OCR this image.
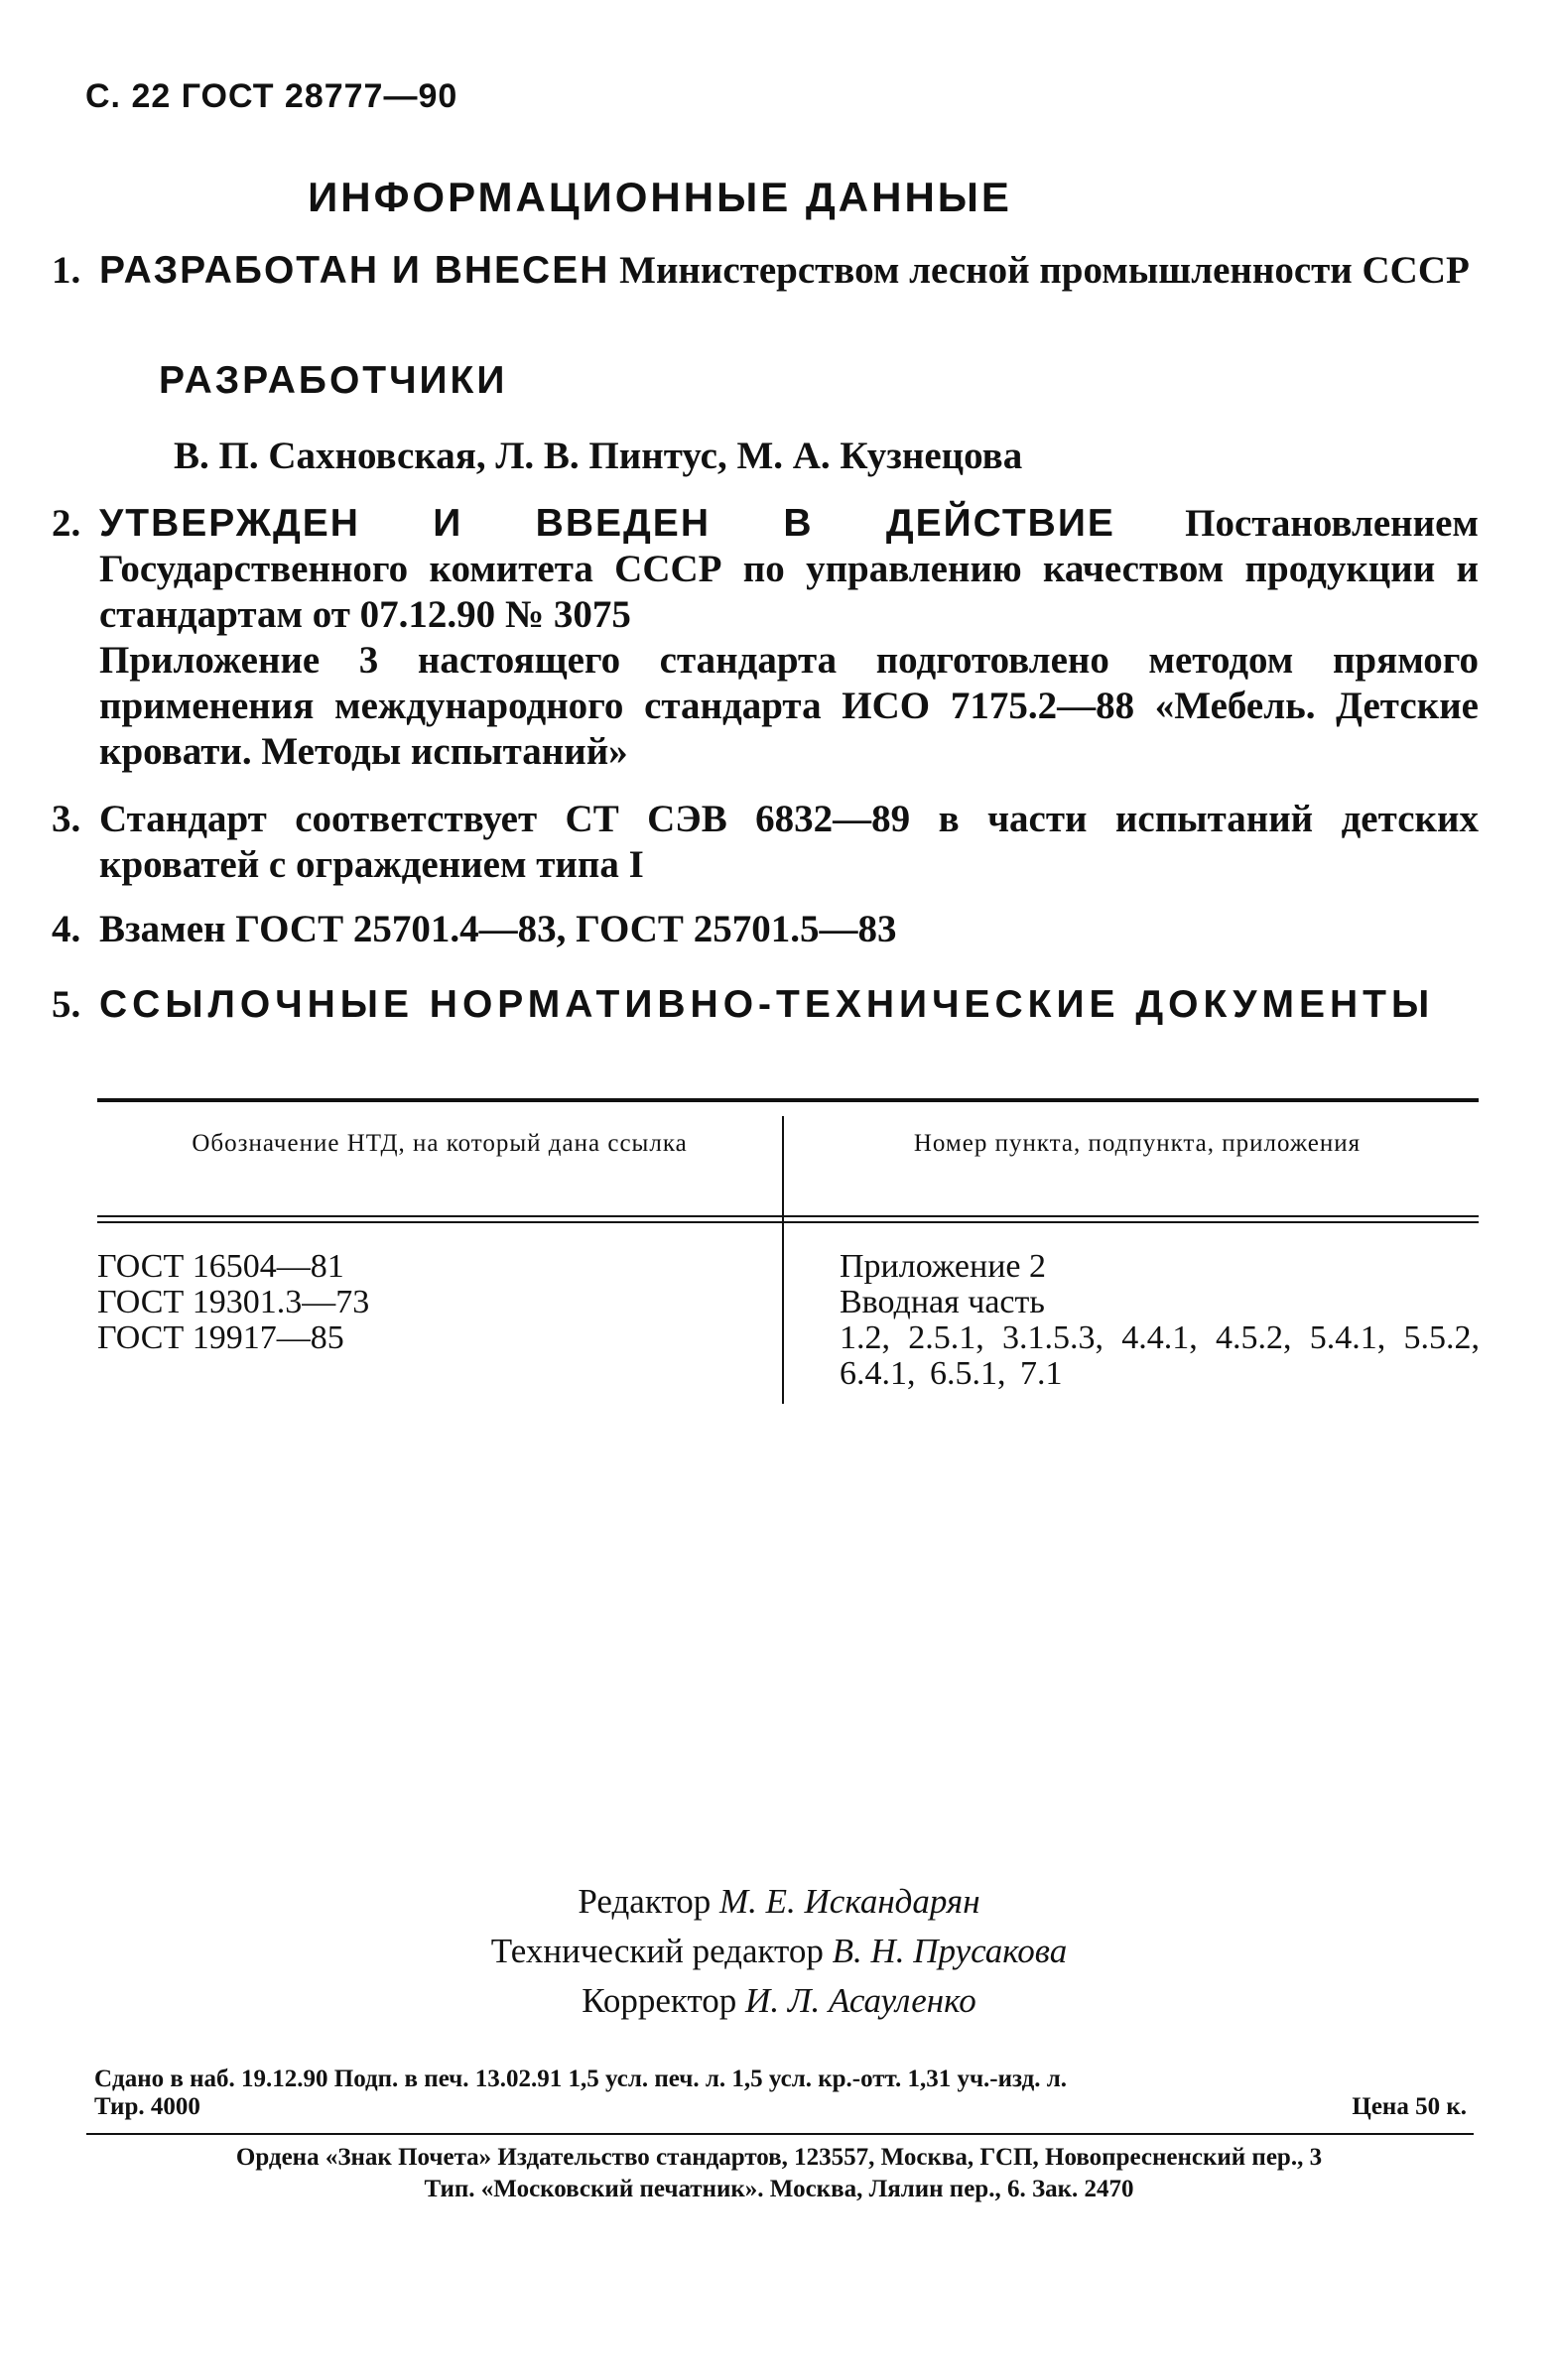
С. 22 ГОСТ 28777—90
ИНФОРМАЦИОННЫЕ ДАННЫЕ
1. РАЗРАБОТАН И ВНЕСЕН Министерством лесной промышленности СССР
РАЗРАБОТЧИКИ
В. П. Сахновская, Л. В. Пинтус, М. А. Кузнецова
2. УТВЕРЖДЕН И ВВЕДЕН В ДЕЙСТВИЕ Постановлением Государственного комитета СССР по управлению качеством продукции и стандартам от 07.12.90 № 3075
Приложение 3 настоящего стандарта подготовлено методом прямого применения международного стандарта ИСО 7175.2—88 «Мебель. Детские кровати. Методы испытаний»
3. Стандарт соответствует СТ СЭВ 6832—89 в части испытаний детских кроватей с ограждением типа I
4. Взамен ГОСТ 25701.4—83, ГОСТ 25701.5—83
5. ССЫЛОЧНЫЕ НОРМАТИВНО-ТЕХНИЧЕСКИЕ ДОКУМЕНТЫ
Обозначение НТД, на который дана ссылка	Номер пункта, подпункта, приложения
ГОСТ 16504—81
ГОСТ 19301.3—73
ГОСТ 19917—85
Приложение 2
Вводная часть
1.2, 2.5.1, 3.1.5.3, 4.4.1, 4.5.2, 5.4.1, 5.5.2, 6.4.1, 6.5.1, 7.1
Редактор М. Е. Искандарян
Технический редактор В. Н. Прусакова
Корректор И. Л. Асауленко
Сдано в наб. 19.12.90 Подп. в печ. 13.02.91 1,5 усл. печ. л. 1,5 усл. кр.-отт. 1,31 уч.-изд. л.
Тир. 4000	Цена 50 к.
Ордена «Знак Почета» Издательство стандартов, 123557, Москва, ГСП, Новопресненский пер., 3
Тип. «Московский печатник». Москва, Лялин пер., 6. Зак. 2470
